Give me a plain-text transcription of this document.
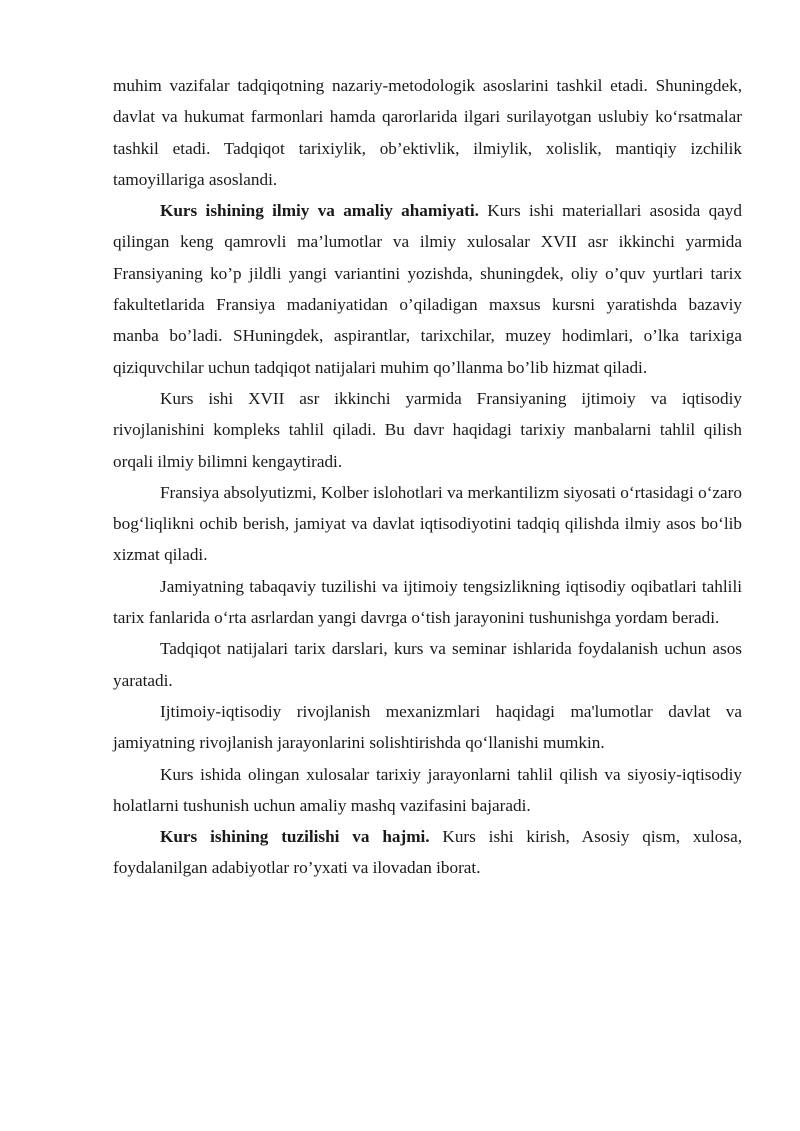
muhim vazifalar tadqiqotning nazariy-metodologik asoslarini tashkil etadi. Shuningdek, davlat va hukumat farmonlari hamda qarorlarida ilgari surilayotgan uslubiy ko‘rsatmalar tashkil etadi. Tadqiqot tarixiylik, ob’ektivlik, ilmiylik, xolislik, mantiqiy izchilik tamoyillariga asoslandi.

Kurs ishining ilmiy va amaliy ahamiyati. Kurs ishi materiallari asosida qayd qilingan keng qamrovli ma’lumotlar va ilmiy xulosalar XVII asr ikkinchi yarmida Fransiyaning ko’p jildli yangi variantini yozishda, shuningdek, oliy o’quv yurtlari tarix fakultetlarida Fransiya madaniyatidan o’qiladigan maxsus kursni yaratishda bazaviy manba bo’ladi. SHuningdek, aspirantlar, tarixchilar, muzey hodimlari, o’lka tarixiga qiziquvchilar uchun tadqiqot natijalari muhim qo’llanma bo’lib hizmat qiladi.

Kurs ishi XVII asr ikkinchi yarmida Fransiyaning ijtimoiy va iqtisodiy rivojlanishini kompleks tahlil qiladi. Bu davr haqidagi tarixiy manbalarni tahlil qilish orqali ilmiy bilimni kengaytiradi.

Fransiya absolyutizmi, Kolber islohotlari va merkantilizm siyosati o‘rtasidagi o‘zaro bog‘liqlikni ochib berish, jamiyat va davlat iqtisodiyotini tadqiq qilishda ilmiy asos bo‘lib xizmat qiladi.

Jamiyatning tabaqaviy tuzilishi va ijtimoiy tengsizlikning iqtisodiy oqibatlari tahlili tarix fanlarida o‘rta asrlardan yangi davrga o‘tish jarayonini tushunishga yordam beradi.

Tadqiqot natijalari tarix darslari, kurs va seminar ishlarida foydalanish uchun asos yaratadi.

Ijtimoiy-iqtisodiy rivojlanish mexanizmlari haqidagi ma'lumotlar davlat va jamiyatning rivojlanish jarayonlarini solishtirishda qo‘llanishi mumkin.

Kurs ishida olingan xulosalar tarixiy jarayonlarni tahlil qilish va siyosiy-iqtisodiy holatlarni tushunish uchun amaliy mashq vazifasini bajaradi.

Kurs ishining tuzilishi va hajmi. Kurs ishi kirish, Asosiy qism, xulosa, foydalanilgan adabiyotlar ro’yxati va ilovadan iborat.
